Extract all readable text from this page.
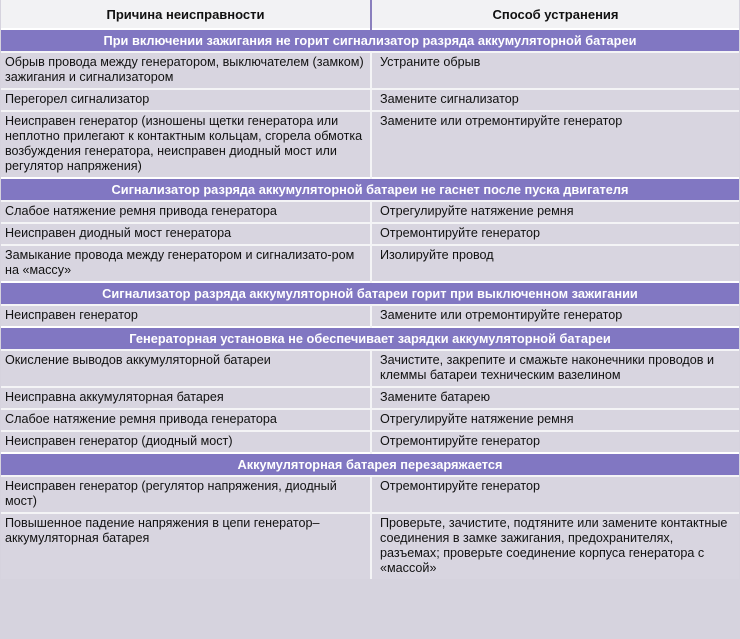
Причина неисправности	Способ устранения
При включении зажигания не горит сигнализатор разряда аккумуляторной батареи	
Обрыв провода между генератором, выключателем (замком) зажигания и сигнализатором	Устраните обрыв
Перегорел сигнализатор	Замените сигнализатор
Неисправен генератор (изношены щетки генератора или неплотно прилегают к контактным кольцам, сгорела обмотка возбуждения генератора, неисправен диодный мост или регулятор напряжения)	Замените или отремонтируйте генератор
Сигнализатор разряда аккумуляторной батареи не гаснет после пуска двигателя	
Слабое натяжение ремня привода генератора	Отрегулируйте натяжение ремня
Неисправен диодный мост генератора	Отремонтируйте генератор
Замыкание провода между генератором и сигнализато-ром на «массу»	Изолируйте провод
Сигнализатор разряда аккумуляторной батареи горит при выключенном зажигании	
Неисправен генератор	Замените или отремонтируйте генератор
Генераторная установка не обеспечивает зарядки аккумуляторной батареи	
Окисление выводов аккумуляторной батареи	Зачистите, закрепите и смажьте наконечники проводов и клеммы батареи техническим вазелином
Неисправна аккумуляторная батарея	Замените батарею
Слабое натяжение ремня привода генератора	Отрегулируйте натяжение ремня
Неисправен генератор (диодный мост)	Отремонтируйте генератор
Аккумуляторная батарея перезаряжается	
Неисправен генератор (регулятор напряжения, диодный мост)	Отремонтируйте генератор
Повышенное падение напряжения в цепи генератор–аккумуляторная батарея	Проверьте, зачистите, подтяните или замените контактные соединения в замке зажигания, предохранителях, разъемах; проверьте соединение корпуса генератора с «массой»
